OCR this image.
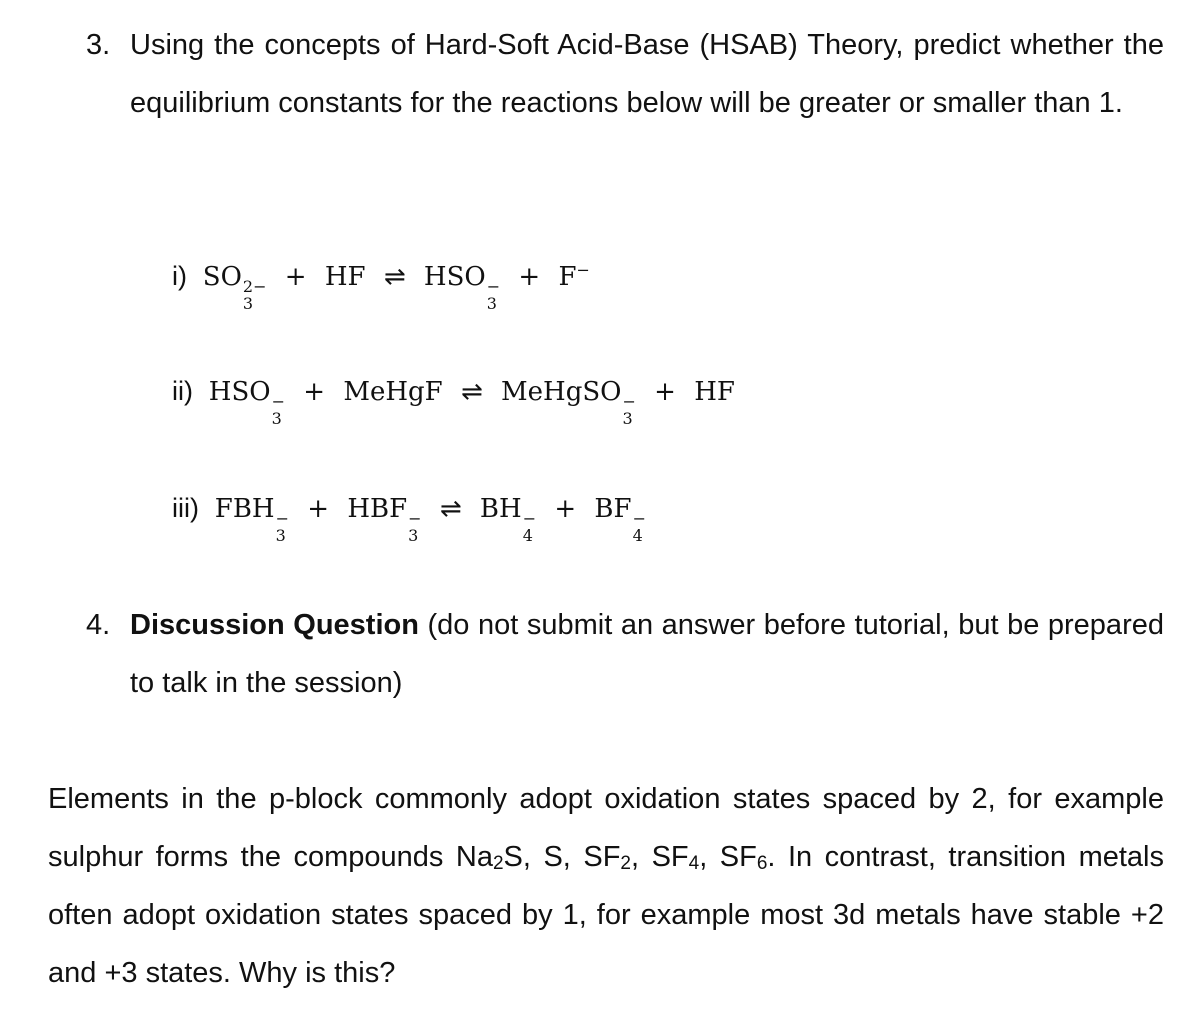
3. Using the concepts of Hard-Soft Acid-Base (HSAB) Theory, predict whether the equilibrium constants for the reactions below will be greater or smaller than 1.
i) SO 2−
3
+ HF ⇌ HSO −
3
+ F−
ii) HSO −
3
+ MeHgF ⇌ MeHgSO −
3
+ HF
iii) FBH −
3
+ HBF −
3
⇌ BH −
4
+ BF −
4
4. Discussion Question (do not submit an answer before tutorial, but be prepared to talk in the session)
Elements in the p-block commonly adopt oxidation states spaced by 2, for example sulphur forms the compounds $Na_2S$, S, $SF_2$, $SF_4$, $SF_6$. In contrast, transition metals often adopt oxidation states spaced by 1, for example most 3d metals have stable +2 and +3 states. Why is this?
